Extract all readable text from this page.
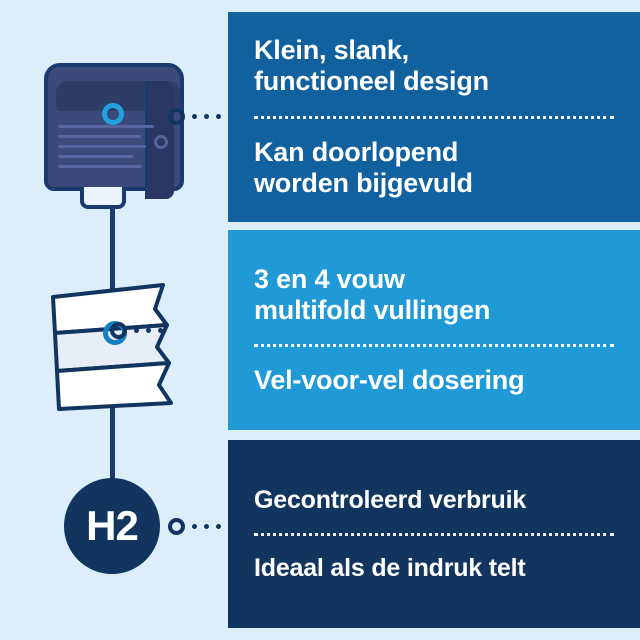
H2
Klein, slank,
functioneel design
Kan doorlopend
worden bijgevuld
3 en 4 vouw
multifold vullingen
Vel-voor-vel dosering
Gecontroleerd verbruik
Ideaal als de indruk telt
